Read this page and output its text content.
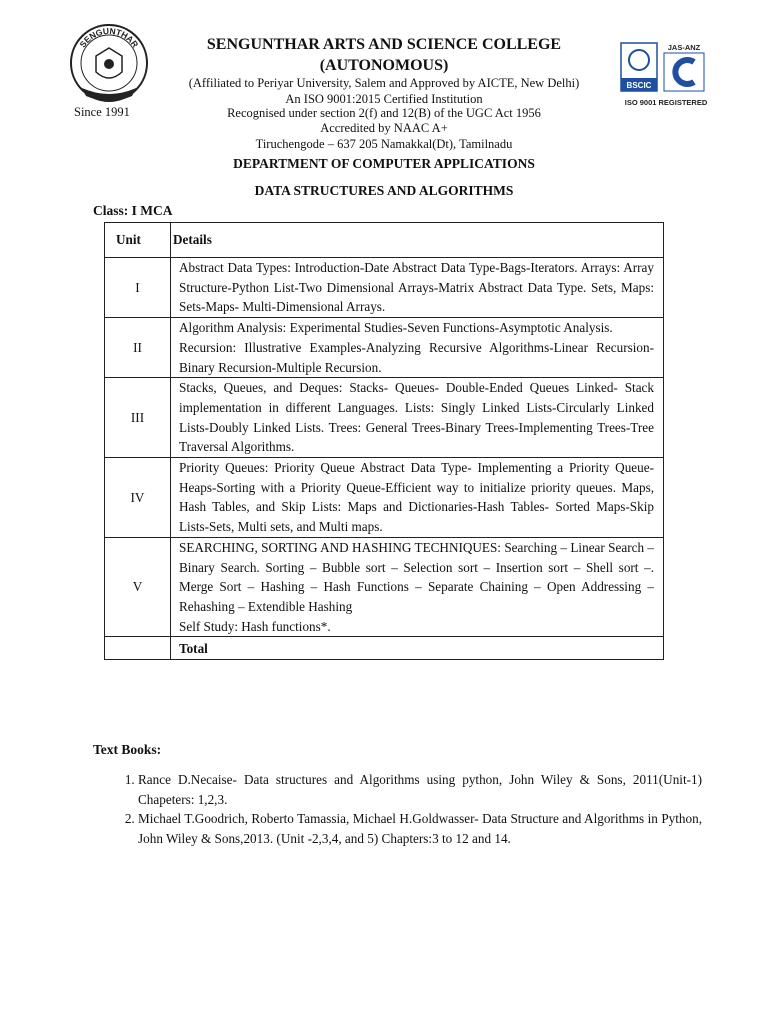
SENGUNTHAR
BSCIC
JAS-ANZ
ISO 9001 REGISTERED
Since 1991
SENGUNTHAR ARTS AND SCIENCE COLLEGE
(AUTONOMOUS)
(Affiliated to Periyar University, Salem and Approved by AICTE, New Delhi)
An ISO 9001:2015 Certified Institution
Recognised under section 2(f) and 12(B) of the UGC Act 1956
Accredited by NAAC A+
Tiruchengode – 637 205 Namakkal(Dt), Tamilnadu
DEPARTMENT OF COMPUTER APPLICATIONS
DATA STRUCTURES AND ALGORITHMS
Class: I MCA
Unit	Details
I	Abstract Data Types: Introduction-Date Abstract Data Type-Bags-Iterators. Arrays: Array Structure-Python List-Two Dimensional Arrays-Matrix Abstract Data Type. Sets, Maps: Sets-Maps- Multi-Dimensional Arrays.
II	Algorithm Analysis: Experimental Studies-Seven Functions-Asymptotic Analysis.
Recursion: Illustrative Examples-Analyzing Recursive Algorithms-Linear Recursion- Binary Recursion-Multiple Recursion.

III	Stacks, Queues, and Deques: Stacks- Queues- Double-Ended Queues Linked- Stack implementation in different Languages. Lists: Singly Linked Lists-Circularly Linked Lists-Doubly Linked Lists. Trees: General Trees-Binary Trees-Implementing Trees-Tree Traversal Algorithms.
IV	Priority Queues: Priority Queue Abstract Data Type- Implementing a Priority Queue-Heaps-Sorting with a Priority Queue-Efficient way to initialize priority queues. Maps, Hash Tables, and Skip Lists: Maps and Dictionaries-Hash Tables- Sorted Maps-Skip Lists-Sets, Multi sets, and Multi maps.
V	SEARCHING, SORTING AND HASHING TECHNIQUES: Searching – Linear Search – Binary Search. Sorting – Bubble sort – Selection sort – Insertion sort – Shell sort –. Merge Sort – Hashing – Hash Functions – Separate Chaining – Open Addressing –Rehashing – Extendible Hashing
Self Study: Hash functions*.

	Total
Text Books:
1. Rance D.Necaise- Data structures and Algorithms using python, John Wiley & Sons, 2011(Unit-1) Chapeters: 1,2,3.
2. Michael T.Goodrich, Roberto Tamassia, Michael H.Goldwasser- Data Structure and Algorithms in Python, John Wiley & Sons,2013. (Unit -2,3,4, and 5) Chapters:3 to 12 and 14.
